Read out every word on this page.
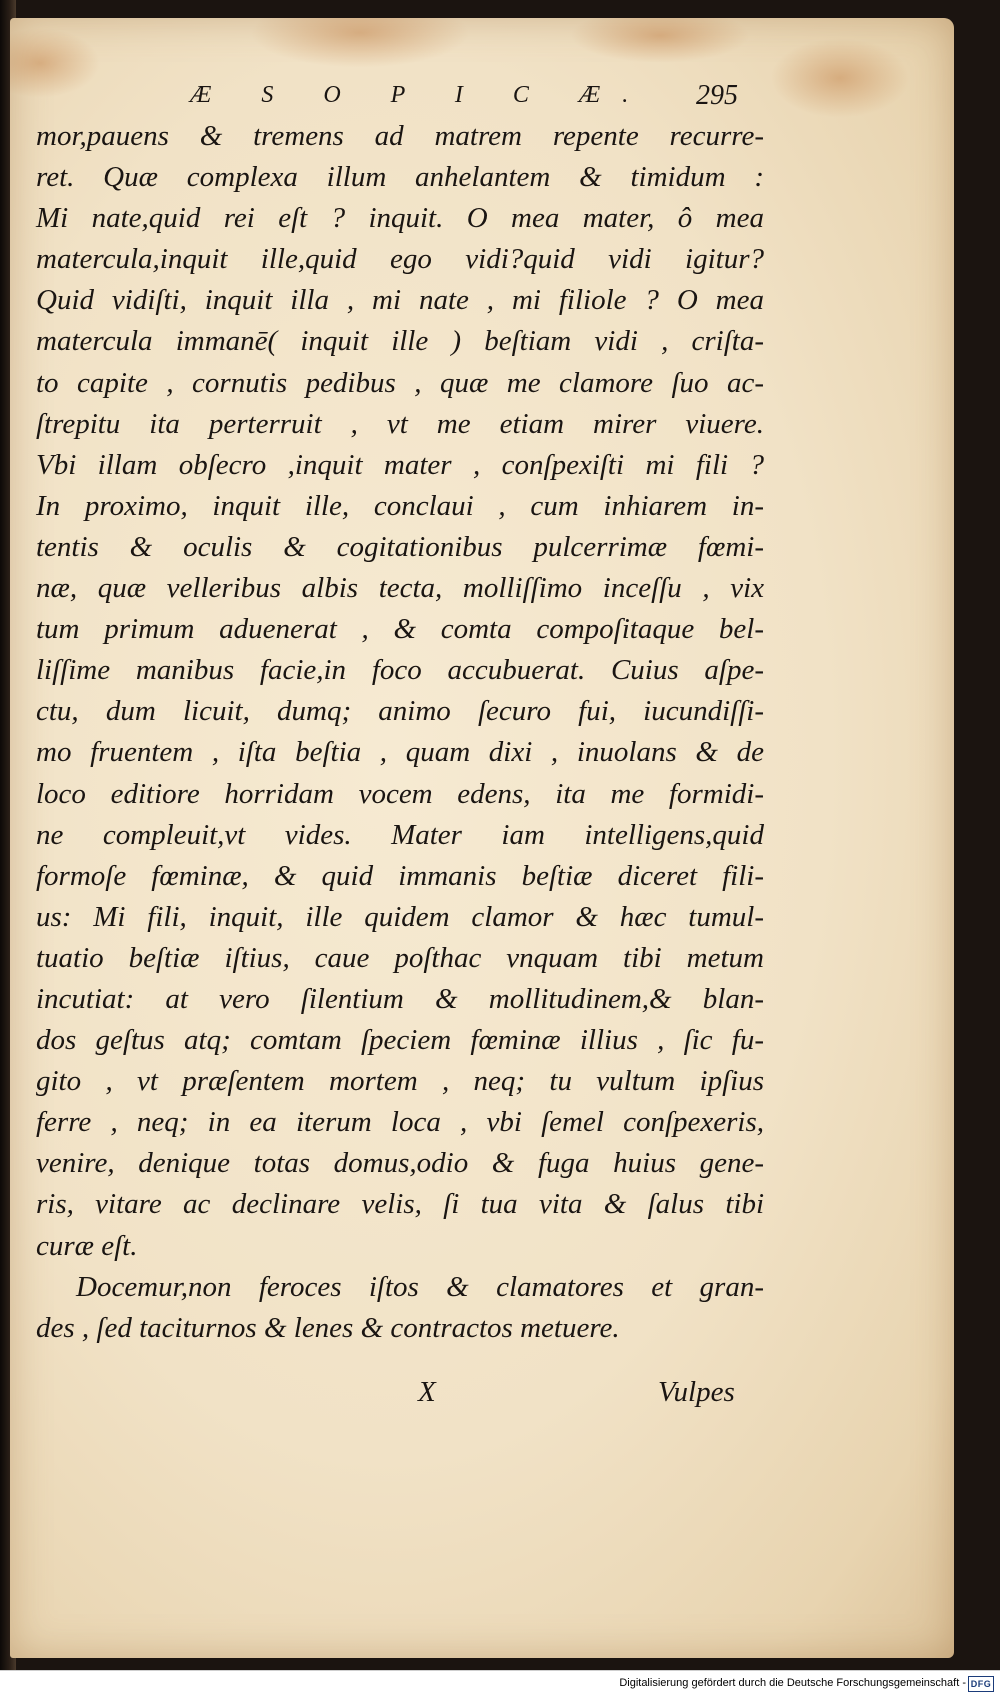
Æ S O P I C Æ.	295
mor,pauens & tremens ad matrem repente recurre-
ret. Quæ complexa illum anhelantem & timidum :
Mi nate,quid rei eſt ? inquit. O mea mater, ô mea
matercula,inquit ille,quid ego vidi?quid vidi igitur?
Quid vidiſti, inquit illa , mi nate , mi filiole ? O mea
matercula immanē( inquit ille ) beſtiam vidi , criſta-
to capite , cornutis pedibus , quæ me clamore ſuo ac-
ſtrepitu ita perterruit , vt me etiam mirer viuere.
Vbi illam obſecro ,inquit mater , conſpexiſti mi fili ?
In proximo, inquit ille, conclaui , cum inhiarem in-
tentis & oculis & cogitationibus pulcerrimæ fœmi-
næ, quæ velleribus albis tecta, molliſſimo inceſſu , vix
tum primum aduenerat , & comta compoſitaque bel-
liſſime manibus facie,in foco accubuerat. Cuius aſpe-
ctu, dum licuit, dumq; animo ſecuro fui, iucundiſſi-
mo fruentem , iſta beſtia , quam dixi , inuolans & de
loco editiore horridam vocem edens, ita me formidi-
ne compleuit,vt vides. Mater iam intelligens,quid
formoſe fœminæ, & quid immanis beſtiæ diceret fili-
us: Mi fili, inquit, ille quidem clamor & hæc tumul-
tuatio beſtiæ iſtius, caue poſthac vnquam tibi metum
incutiat: at vero ſilentium & mollitudinem,& blan-
dos geſtus atq; comtam ſpeciem fœminæ illius , ſic fu-
gito , vt præſentem mortem , neq; tu vultum ipſius
ferre , neq; in ea iterum loca , vbi ſemel conſpexeris,
venire, denique totas domus,odio & fuga huius gene-
ris, vitare ac declinare velis, ſi tua vita & ſalus tibi
curæ eſt.
Docemur,non feroces iſtos & clamatores et gran-
des , ſed taciturnos & lenes & contractos metuere.
X	Vulpes
Digitalisierung gefördert durch die Deutsche Forschungsgemeinschaft - DFG
